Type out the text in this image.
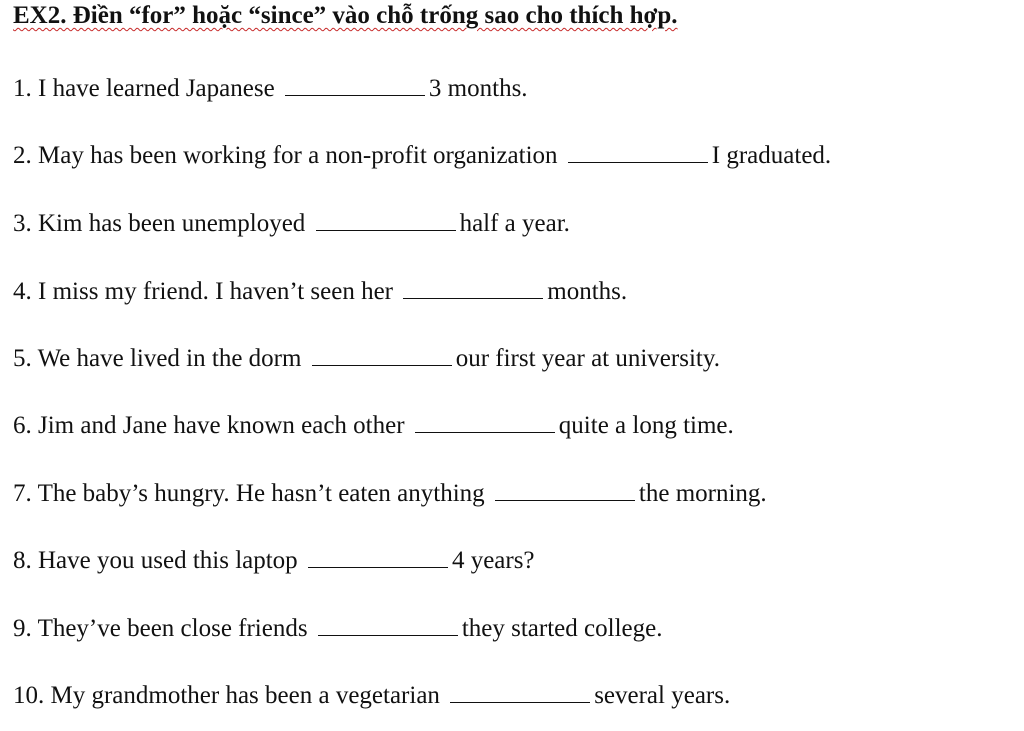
EX2. Điền “for” hoặc “since” vào chỗ trống sao cho thích hợp.
1. I have learned Japanese	3 months.
2. May has been working for a non-profit organization	I graduated.
3. Kim has been unemployed	half a year.
4. I miss my friend. I haven’t seen her	months.
5. We have lived in the dorm	our first year at university.
6. Jim and Jane have known each other	quite a long time.
7. The baby’s hungry. He hasn’t eaten anything	the morning.
8. Have you used this laptop	4 years?
9. They’ve been close friends	they started college.
10. My grandmother has been a vegetarian	several years.
